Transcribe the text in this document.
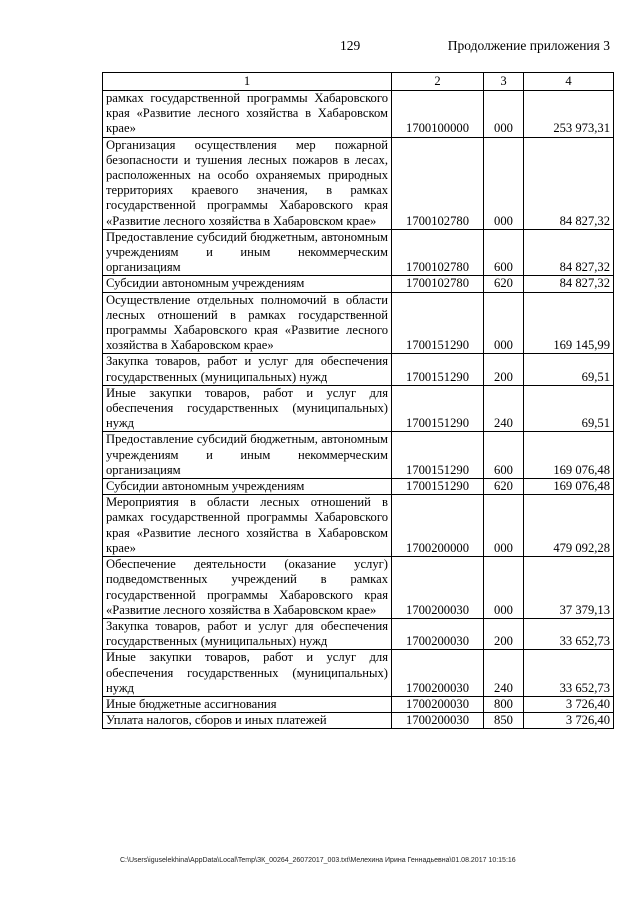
129	Продолжение приложения 3
1	2	3	4
рамках государственной программы Хабаровского края «Развитие лесного хозяйства в Хабаровском крае»	1700100000	000	253 973,31
Организация осуществления мер пожарной безопасности и тушения лесных пожаров в лесах, расположенных на особо охраняемых природных территориях краевого значения, в рамках государственной программы Хабаровского края «Развитие лесного хозяйства в Хабаровском крае»	1700102780	000	84 827,32
Предоставление субсидий бюджетным, автономным учреждениям и иным некоммерческим организациям	1700102780	600	84 827,32
Субсидии автономным учреждениям	1700102780	620	84 827,32
Осуществление отдельных полномочий в области лесных отношений в рамках государственной программы Хабаровского края «Развитие лесного хозяйства в Хабаровском крае»	1700151290	000	169 145,99
Закупка товаров, работ и услуг для обеспечения государственных (муниципальных) нужд	1700151290	200	69,51
Иные закупки товаров, работ и услуг для обеспечения государственных (муниципальных) нужд	1700151290	240	69,51
Предоставление субсидий бюджетным, автономным учреждениям и иным некоммерческим организациям	1700151290	600	169 076,48
Субсидии автономным учреждениям	1700151290	620	169 076,48
Мероприятия в области лесных отношений в рамках государственной программы Хабаровского края «Развитие лесного хозяйства в Хабаровском крае»	1700200000	000	479 092,28
Обеспечение деятельности (оказание услуг) подведомственных учреждений в рамках государственной программы Хабаровского края «Развитие лесного хозяйства в Хабаровском крае»	1700200030	000	37 379,13
Закупка товаров, работ и услуг для обеспечения государственных (муниципальных) нужд	1700200030	200	33 652,73
Иные закупки товаров, работ и услуг для обеспечения государственных (муниципальных) нужд	1700200030	240	33 652,73
Иные бюджетные ассигнования	1700200030	800	3 726,40
Уплата налогов, сборов и иных платежей	1700200030	850	3 726,40
C:\Users\iguselekhina\AppData\Local\Temp\ЗК_00264_26072017_003.txt\Мелехина Ирина Геннадьевна\01.08.2017 10:15:16
